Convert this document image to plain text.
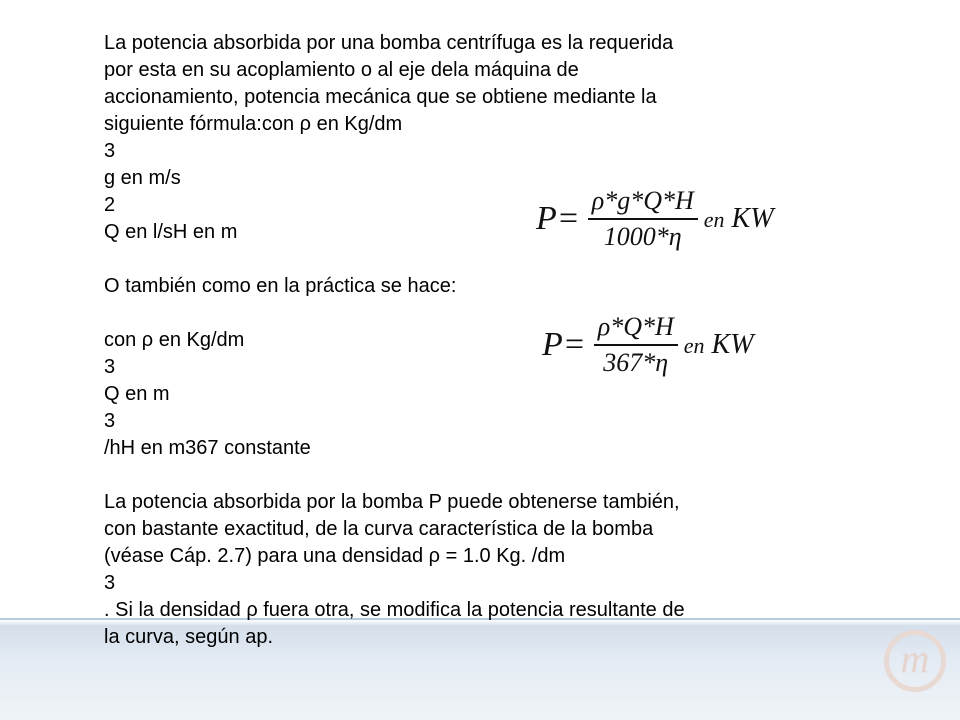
La potencia absorbida por una bomba centrífuga es la requerida
por esta en su acoplamiento o al eje dela máquina de
accionamiento, potencia mecánica que se obtiene mediante la
siguiente fórmula:con ρ en Kg/dm
3
g en m/s
2
Q en l/sH en m
O también como en la práctica se hace:
con ρ en Kg/dm
3
Q en m
3
/hH en m367 constante
La potencia absorbida por la bomba P puede obtenerse también,
con bastante exactitud, de la curva característica de la bomba
(véase Cáp. 2.7) para una densidad ρ = 1.0 Kg. /dm
3
. Si la densidad ρ fuera otra, se modifica la potencia resultante de
la curva, según ap.
$P= \frac{\rho*g*Q*H}{1000*\eta}$ en KW
$P= \frac{\rho*Q*H}{367*\eta}$ en KW
m
